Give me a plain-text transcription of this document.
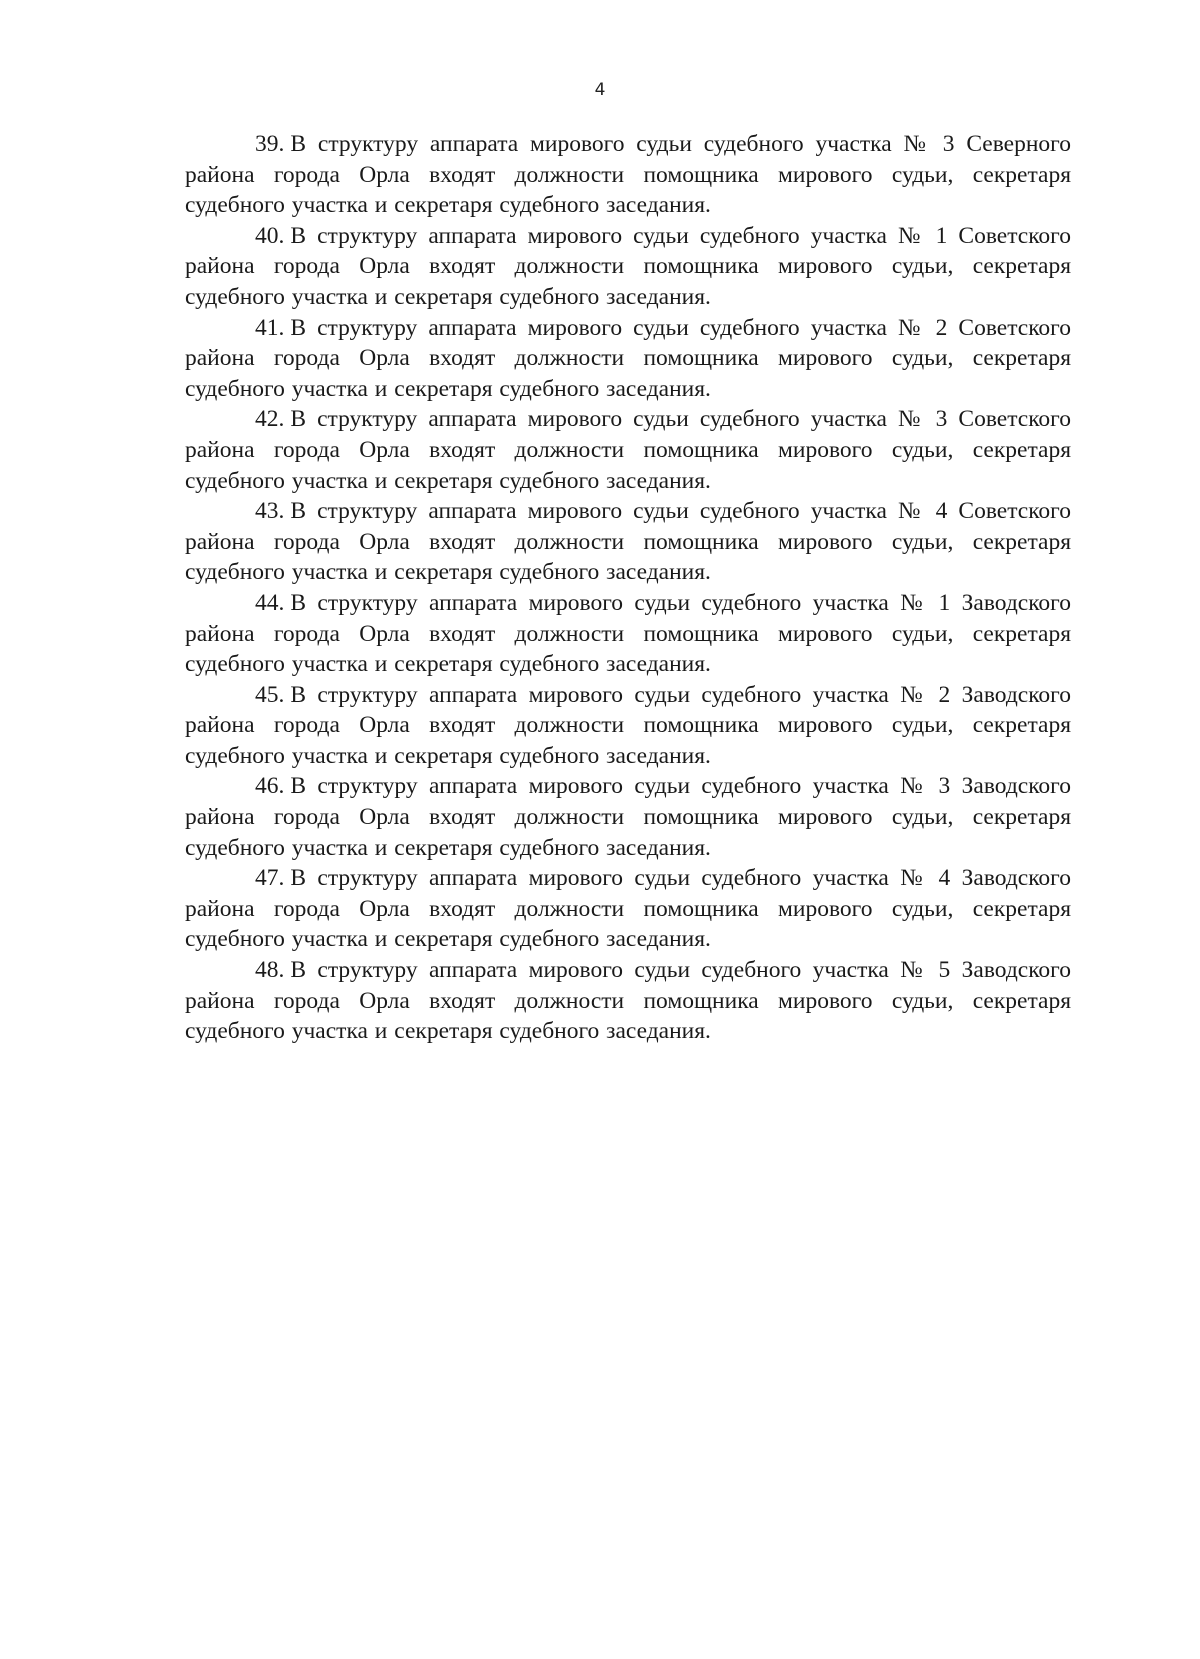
4

39. В структуру аппарата мирового судьи судебного участка № 3 Северного района города Орла входят должности помощника мирового судьи, секретаря судебного участка и секретаря судебного заседания.

40. В структуру аппарата мирового судьи судебного участка № 1 Советского района города Орла входят должности помощника мирового судьи, секретаря судебного участка и секретаря судебного заседания.

41. В структуру аппарата мирового судьи судебного участка № 2 Советского района города Орла входят должности помощника мирового судьи, секретаря судебного участка и секретаря судебного заседания.

42. В структуру аппарата мирового судьи судебного участка № 3 Советского района города Орла входят должности помощника мирового судьи, секретаря судебного участка и секретаря судебного заседания.

43. В структуру аппарата мирового судьи судебного участка № 4 Советского района города Орла входят должности помощника мирового судьи, секретаря судебного участка и секретаря судебного заседания.

44. В структуру аппарата мирового судьи судебного участка № 1 Заводского района города Орла входят должности помощника мирового судьи, секретаря судебного участка и секретаря судебного заседания.

45. В структуру аппарата мирового судьи судебного участка № 2 Заводского района города Орла входят должности помощника мирового судьи, секретаря судебного участка и секретаря судебного заседания.

46. В структуру аппарата мирового судьи судебного участка № 3 Заводского района города Орла входят должности помощника мирового судьи, секретаря судебного участка и секретаря судебного заседания.

47. В структуру аппарата мирового судьи судебного участка № 4 Заводского района города Орла входят должности помощника мирового судьи, секретаря судебного участка и секретаря судебного заседания.

48. В структуру аппарата мирового судьи судебного участка № 5 Заводского района города Орла входят должности помощника мирового судьи, секретаря судебного участка и секретаря судебного заседания.
